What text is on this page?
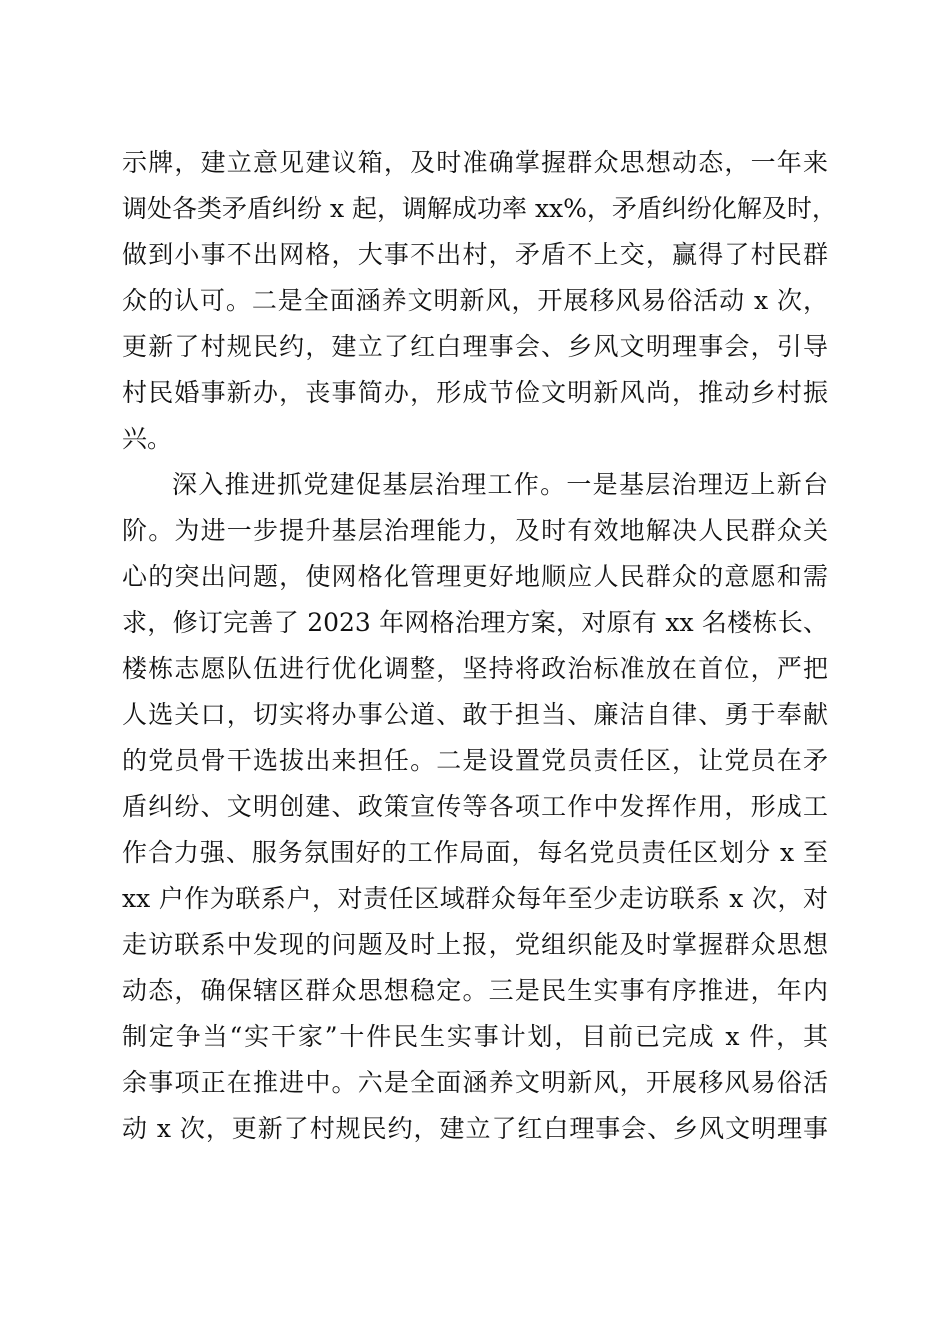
示牌，建立意见建议箱，及时准确掌握群众思想动态，一年来
调处各类矛盾纠纷 x 起，调解成功率 xx%，矛盾纠纷化解及时，
做到小事不出网格，大事不出村，矛盾不上交，赢得了村民群
众的认可。二是全面涵养文明新风，开展移风易俗活动 x 次，
更新了村规民约，建立了红白理事会、乡风文明理事会，引导
村民婚事新办，丧事简办，形成节俭文明新风尚，推动乡村振
兴。
深入推进抓党建促基层治理工作。一是基层治理迈上新台
阶。为进一步提升基层治理能力，及时有效地解决人民群众关
心的突出问题，使网格化管理更好地顺应人民群众的意愿和需
求，修订完善了 2023 年网格治理方案，对原有 xx 名楼栋长、
楼栋志愿队伍进行优化调整，坚持将政治标准放在首位，严把
人选关口，切实将办事公道、敢于担当、廉洁自律、勇于奉献
的党员骨干选拔出来担任。二是设置党员责任区，让党员在矛
盾纠纷、文明创建、政策宣传等各项工作中发挥作用，形成工
作合力强、服务氛围好的工作局面，每名党员责任区划分 x 至
xx 户作为联系户，对责任区域群众每年至少走访联系 x 次，对
走访联系中发现的问题及时上报，党组织能及时掌握群众思想
动态，确保辖区群众思想稳定。三是民生实事有序推进，年内
制定争当“实干家”十件民生实事计划，目前已完成 x 件，其
余事项正在推进中。六是全面涵养文明新风，开展移风易俗活
动 x 次，更新了村规民约，建立了红白理事会、乡风文明理事
